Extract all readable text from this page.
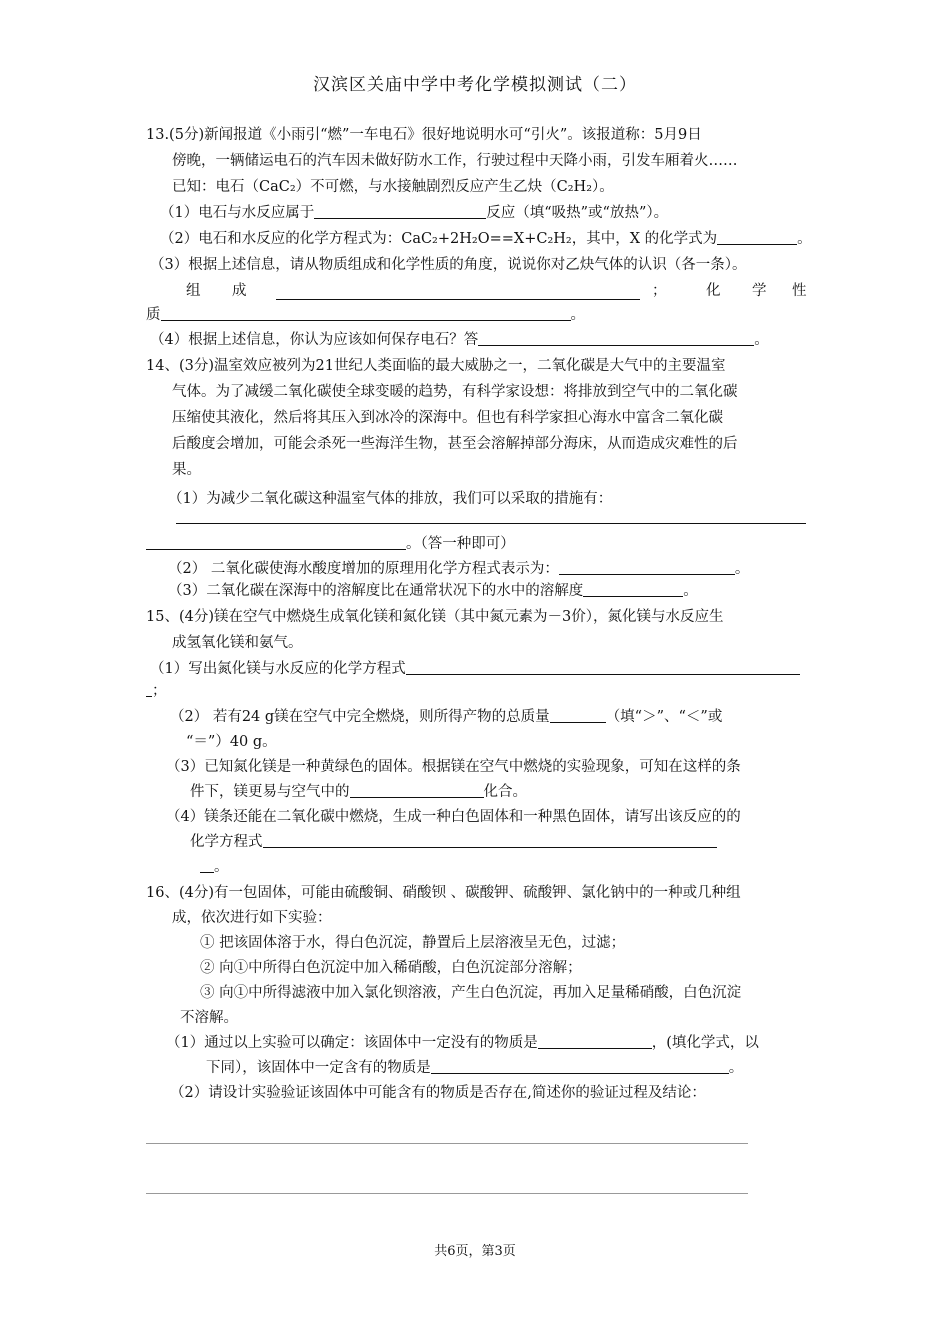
汉滨区关庙中学中考化学模拟测试（二）
13.(5分)新闻报道《小雨引“燃”一车电石》很好地说明水可“引火”。该报道称：5月9日
傍晚，一辆储运电石的汽车因未做好防水工作，行驶过程中天降小雨，引发车厢着火……
已知：电石（CaC₂）不可燃，与水接触剧烈反应产生乙炔（C₂H₂）。
（1）电石与水反应属于	反应（填“吸热”或“放热”）。
（2）电石和水反应的化学方程式为：CaC₂+2H₂O==X+C₂H₂，其中，X 的化学式为	。
（3）根据上述信息，请从物质组成和化学性质的角度，说说你对乙炔气体的认识（各一条）。
组 成	；	化 学 性
质	。
（4）根据上述信息，你认为应该如何保存电石？答	。
14、(3分)温室效应被列为21世纪人类面临的最大威胁之一，二氧化碳是大气中的主要温室
气体。为了减缓二氧化碳使全球变暖的趋势，有科学家设想：将排放到空气中的二氧化碳
压缩使其液化，然后将其压入到冰冷的深海中。但也有科学家担心海水中富含二氧化碳
后酸度会增加，可能会杀死一些海洋生物，甚至会溶解掉部分海床，从而造成灾难性的后
果。
（1）为减少二氧化碳这种温室气体的排放，我们可以采取的措施有：
。（答一种即可）
（2） 二氧化碳使海水酸度增加的原理用化学方程式表示为：	。
（3）二氧化碳在深海中的溶解度比在通常状况下的水中的溶解度	。
15、(4分)镁在空气中燃烧生成氧化镁和氮化镁（其中氮元素为－3价），氮化镁与水反应生
成氢氧化镁和氨气。
（1）写出氮化镁与水反应的化学方程式
；
（2） 若有24 g镁在空气中完全燃烧，则所得产物的总质量	（填“＞”、“＜”或
“＝”）40 g。
（3）已知氮化镁是一种黄绿色的固体。根据镁在空气中燃烧的实验现象，可知在这样的条
件下，镁更易与空气中的	化合。
（4）镁条还能在二氧化碳中燃烧，生成一种白色固体和一种黑色固体，请写出该反应的的
化学方程式
。
16、(4分)有一包固体，可能由硫酸铜、硝酸钡 、碳酸钾、硫酸钾、氯化钠中的一种或几种组
成，依次进行如下实验：
① 把该固体溶于水，得白色沉淀，静置后上层溶液呈无色，过滤；
② 向①中所得白色沉淀中加入稀硝酸，白色沉淀部分溶解；
③ 向①中所得滤液中加入氯化钡溶液，产生白色沉淀，再加入足量稀硝酸，白色沉淀
不溶解。
（1）通过以上实验可以确定：该固体中一定没有的物质是	，(填化学式，以
下同），该固体中一定含有的物质是	。
（2）请设计实验验证该固体中可能含有的物质是否存在,简述你的验证过程及结论：
共6页，第3页
